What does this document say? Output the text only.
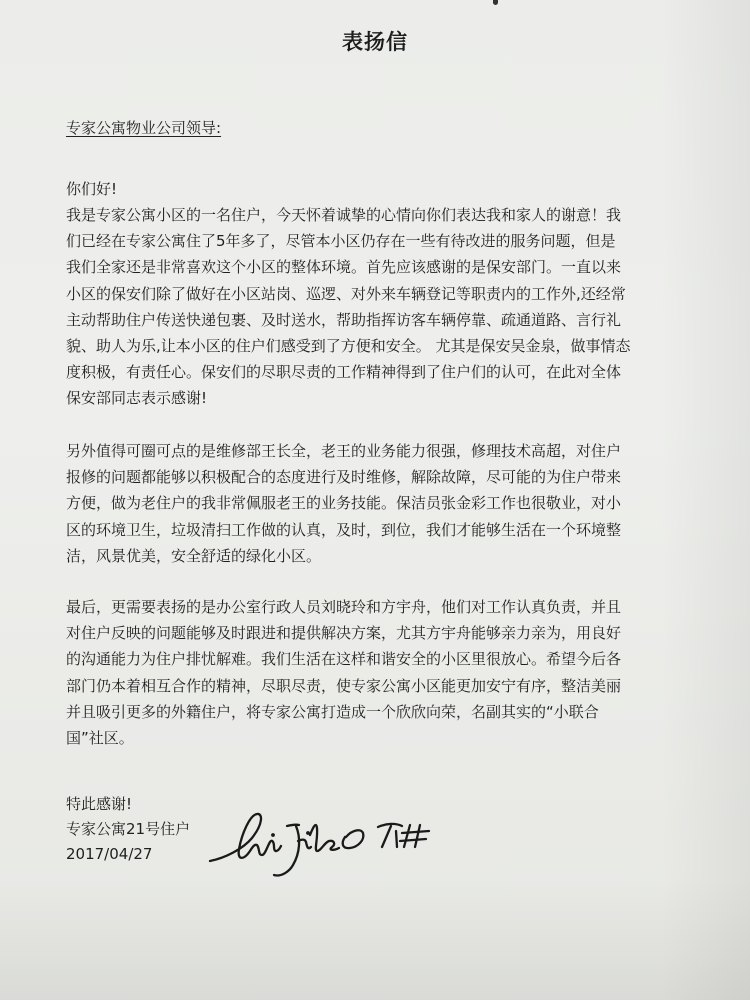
表扬信
专家公寓物业公司领导:
你们好!
我是专家公寓小区的一名住户，今天怀着诚挚的心情向你们表达我和家人的谢意！我
们已经在专家公寓住了5年多了，尽管本小区仍存在一些有待改进的服务问题，但是
我们全家还是非常喜欢这个小区的整体环境。首先应该感谢的是保安部门。一直以来
小区的保安们除了做好在小区站岗、巡逻、对外来车辆登记等职责内的工作外,还经常
主动帮助住户传送快递包裹、及时送水，帮助指挥访客车辆停靠、疏通道路、言行礼
貌、助人为乐,让本小区的住户们感受到了方便和安全。 尤其是保安吴金泉，做事情态
度积极，有责任心。保安们的尽职尽责的工作精神得到了住户们的认可，在此对全体
保安部同志表示感谢!
另外值得可圈可点的是维修部王长全，老王的业务能力很强，修理技术高超，对住户
报修的问题都能够以积极配合的态度进行及时维修，解除故障，尽可能的为住户带来
方便，做为老住户的我非常佩服老王的业务技能。保洁员张金彩工作也很敬业，对小
区的环境卫生，垃圾清扫工作做的认真，及时，到位，我们才能够生活在一个环境整
洁，风景优美，安全舒适的绿化小区。
最后，更需要表扬的是办公室行政人员刘晓玲和方宇舟，他们对工作认真负责，并且
对住户反映的问题能够及时跟进和提供解决方案，尤其方宇舟能够亲力亲为，用良好
的沟通能力为住户排忧解难。我们生活在这样和谐安全的小区里很放心。希望今后各
部门仍本着相互合作的精神，尽职尽责，使专家公寓小区能更加安宁有序，整洁美丽
并且吸引更多的外籍住户，将专家公寓打造成一个欣欣向荣，名副其实的“小联合
国”社区。
特此感谢!
专家公寓21号住户
2017/04/27
